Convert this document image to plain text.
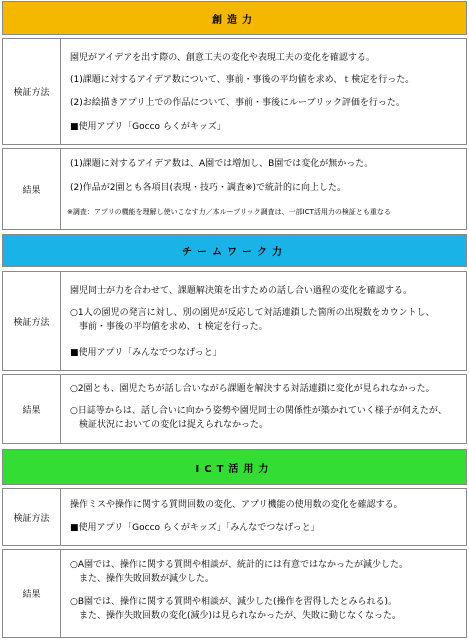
創造力
検証方法
園児がアイデアを出す際の、創意工夫の変化や表現工夫の変化を確認する。
(1)課題に対するアイデア数について、事前・事後の平均値を求め、ｔ検定を行った。
(2)お絵描きアプリ上での作品について、事前・事後にルーブリック評価を行った。
■使用アプリ「Gocco らくがキッズ」
結果
(1)課題に対するアイデア数は、A園では増加し、B園では変化が無かった。
(2)作品が2園とも各項目(表現・技巧・調査※)で統計的に向上した。
※調査：アプリの機能を理解し使いこなす力／本ルーブリック調査は、一部ICT活用力の検証とも重なる
チームワーク力
検証方法
園児同士が力を合わせて、課題解決策を出すための話し合い過程の変化を確認する。
○1人の園児の発言に対し、別の園児が反応して対話連鎖した箇所の出現数をカウントし、
　事前・事後の平均値を求め、ｔ検定を行った。
■使用アプリ「みんなでつなげっと」
結果
○2園とも、園児たちが話し合いながら課題を解決する対話連鎖に変化が見られなかった。
○日誌等からは、話し合いに向かう姿勢や園児同士の関係性が築かれていく様子が伺えたが、
　検証状況においての変化は捉えられなかった。
ICT活用力
検証方法
操作ミスや操作に関する質問回数の変化、アプリ機能の使用数の変化を確認する。
■使用アプリ「Gocco らくがキッズ」「みんなでつなげっと」
結果
○A園では、操作に関する質問や相談が、統計的には有意ではなかったが減少した。
　また、操作失敗回数が減少した。
○B園では、操作に関する質問や相談が、減少した(操作を習得したとみられる)。
　また、操作失敗回数の変化(減少)は見られなかったが、失敗に動じなくなった。
